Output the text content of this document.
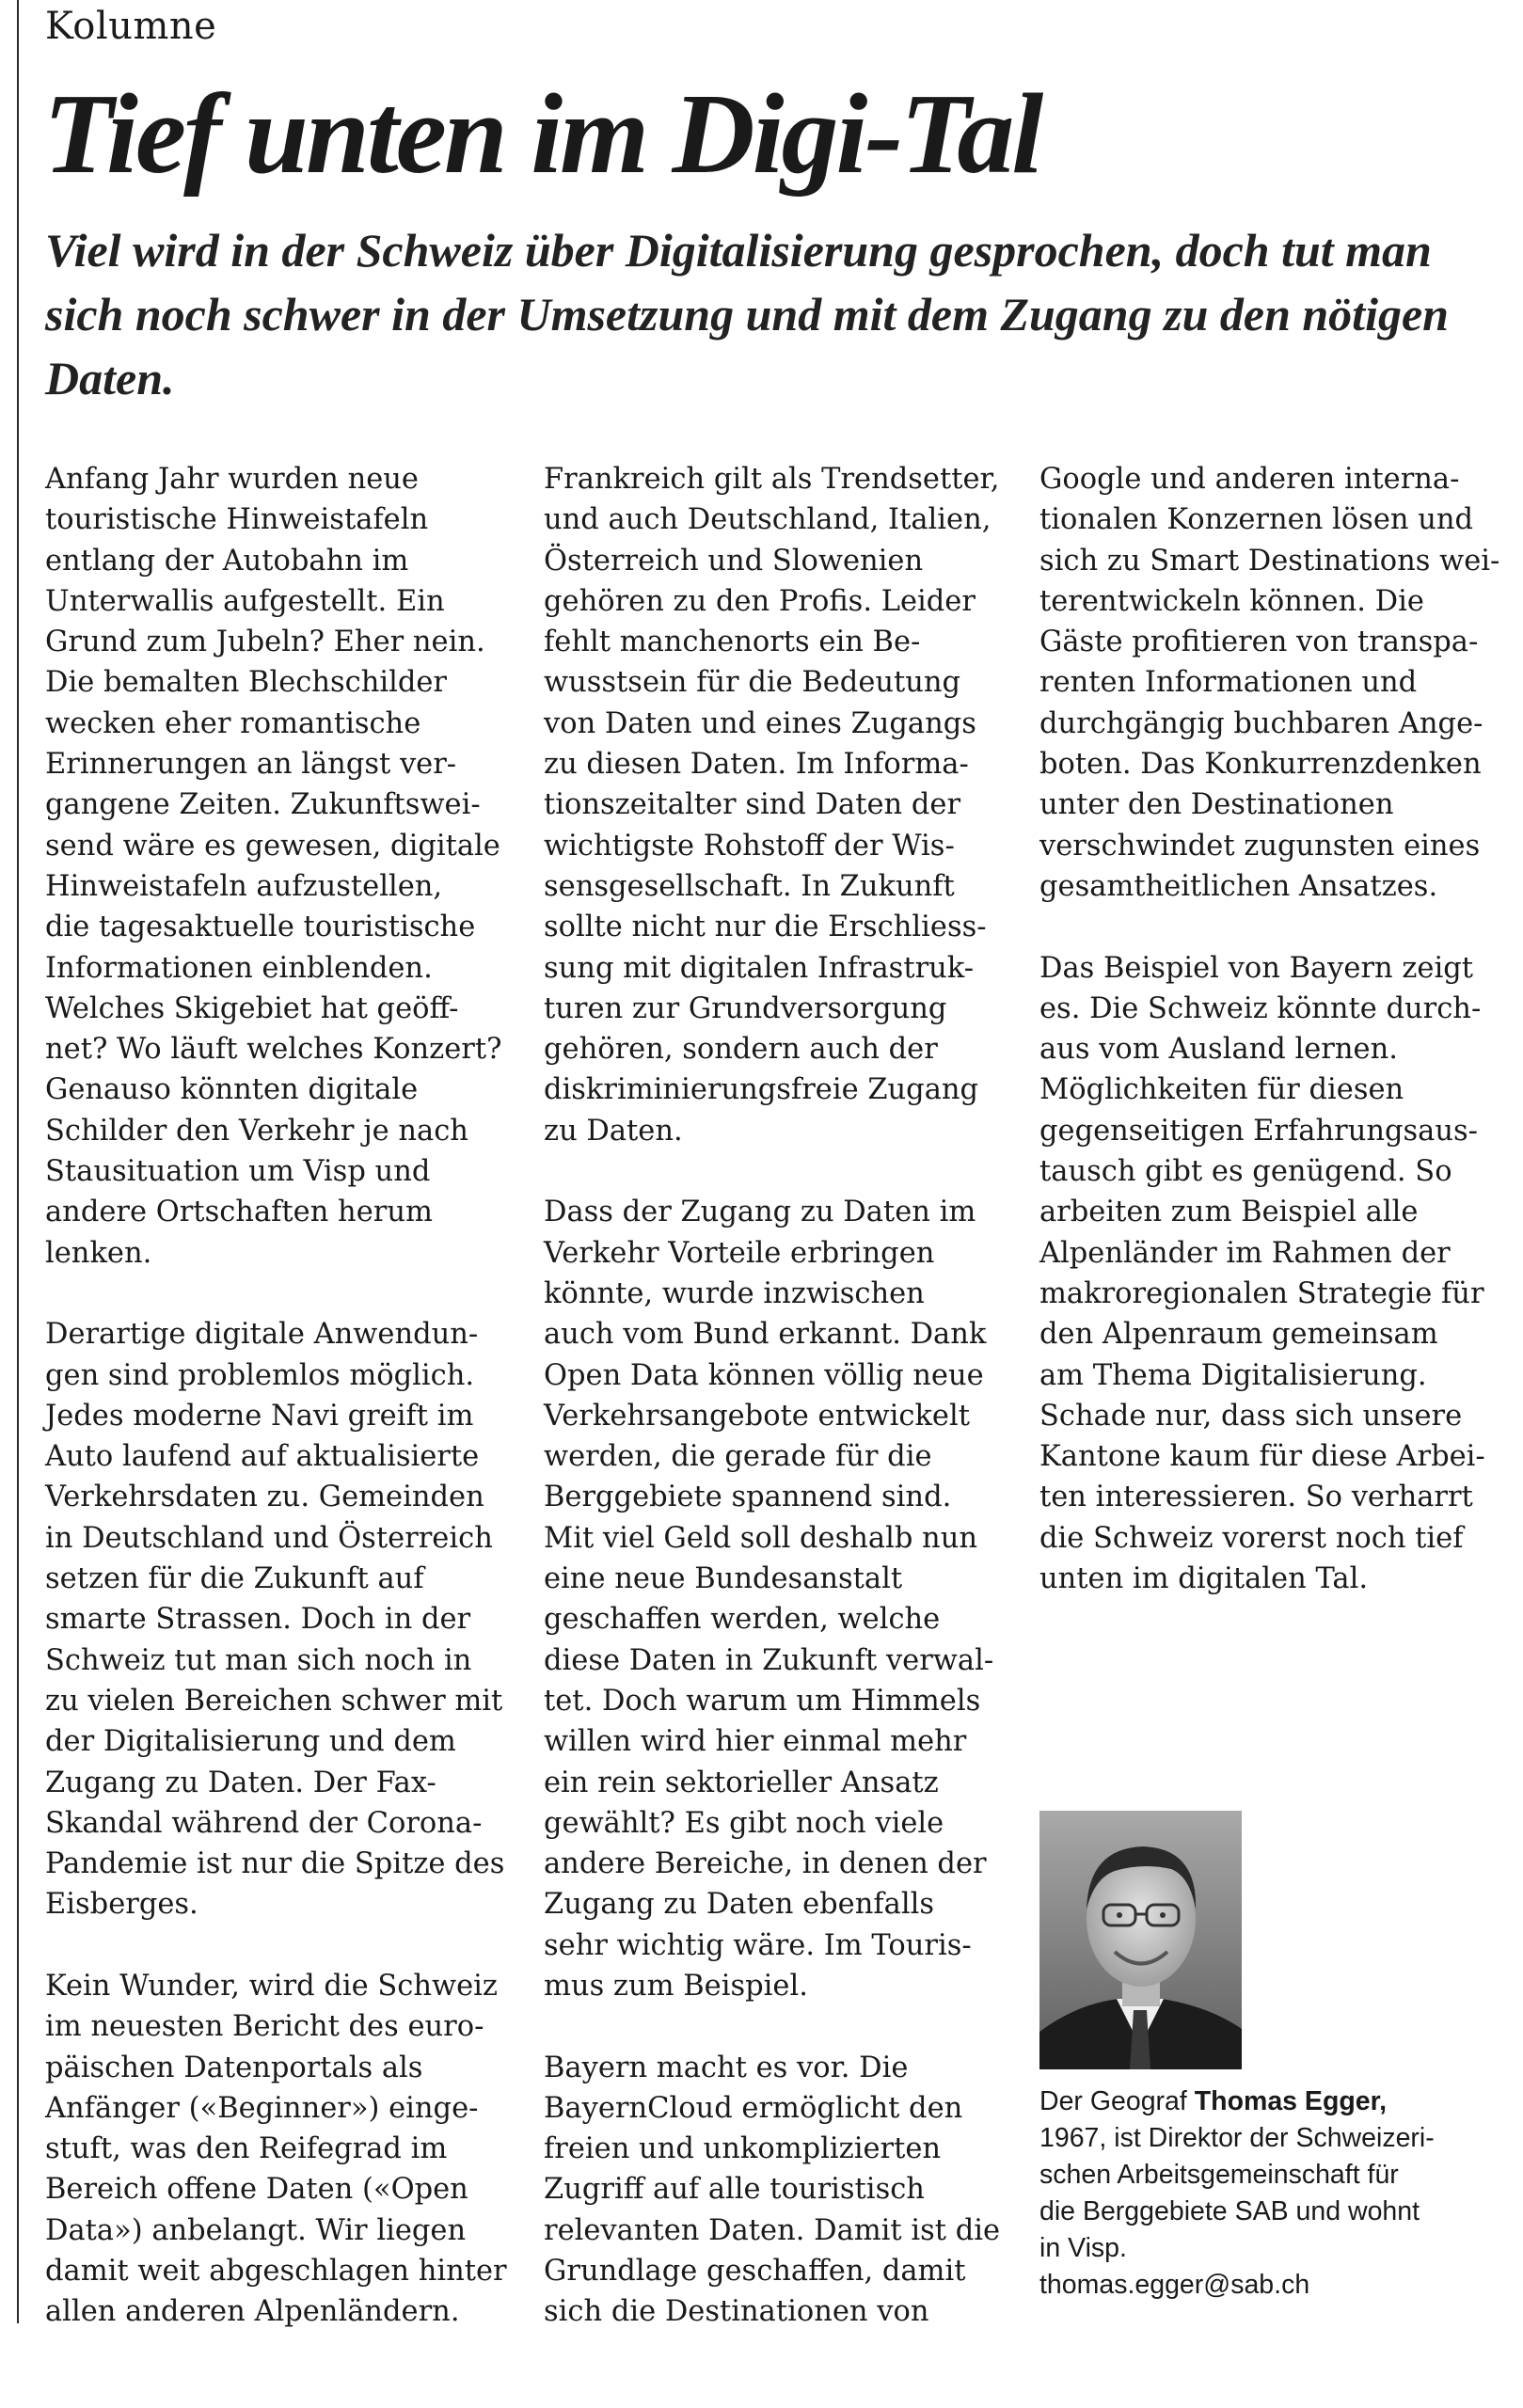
Kolumne
Tief unten im Digi-Tal

Viel wird in der Schweiz über Digitalisierung gesprochen, doch tut man sich noch schwer in der Umsetzung und mit dem Zugang zu den nötigen Daten.

Anfang Jahr wurden neue
touristische Hinweistafeln
entlang der Autobahn im
Unterwallis aufgestellt. Ein
Grund zum Jubeln? Eher nein.
Die bemalten Blechschilder
wecken eher romantische
Erinnerungen an längst ver-
gangene Zeiten. Zukunftswei-
send wäre es gewesen, digitale
Hinweistafeln aufzustellen,
die tagesaktuelle touristische
Informationen einblenden.
Welches Skigebiet hat geöff-
net? Wo läuft welches Konzert?
Genauso könnten digitale
Schilder den Verkehr je nach
Stausituation um Visp und
andere Ortschaften herum
lenken.
Derartige digitale Anwendun-
gen sind problemlos möglich.
Jedes moderne Navi greift im
Auto laufend auf aktualisierte
Verkehrsdaten zu. Gemeinden
in Deutschland und Österreich
setzen für die Zukunft auf
smarte Strassen. Doch in der
Schweiz tut man sich noch in
zu vielen Bereichen schwer mit
der Digitalisierung und dem
Zugang zu Daten. Der Fax-
Skandal während der Corona-
Pandemie ist nur die Spitze des
Eisberges.
Kein Wunder, wird die Schweiz
im neuesten Bericht des euro-
päischen Datenportals als
Anfänger («Beginner») einge-
stuft, was den Reifegrad im
Bereich offene Daten («Open
Data») anbelangt. Wir liegen
damit weit abgeschlagen hinter
allen anderen Alpenländern.
Frankreich gilt als Trendsetter,
und auch Deutschland, Italien,
Österreich und Slowenien
gehören zu den Profis. Leider
fehlt manchenorts ein Be-
wusstsein für die Bedeutung
von Daten und eines Zugangs
zu diesen Daten. Im Informa-
tionszeitalter sind Daten der
wichtigste Rohstoff der Wis-
sensgesellschaft. In Zukunft
sollte nicht nur die Erschliess-
sung mit digitalen Infrastruk-
turen zur Grundversorgung
gehören, sondern auch der
diskriminierungsfreie Zugang
zu Daten.
Dass der Zugang zu Daten im
Verkehr Vorteile erbringen
könnte, wurde inzwischen
auch vom Bund erkannt. Dank
Open Data können völlig neue
Verkehrsangebote entwickelt
werden, die gerade für die
Berggebiete spannend sind.
Mit viel Geld soll deshalb nun
eine neue Bundesanstalt
geschaffen werden, welche
diese Daten in Zukunft verwal-
tet. Doch warum um Himmels
willen wird hier einmal mehr
ein rein sektorieller Ansatz
gewählt? Es gibt noch viele
andere Bereiche, in denen der
Zugang zu Daten ebenfalls
sehr wichtig wäre. Im Touris-
mus zum Beispiel.
Bayern macht es vor. Die
BayernCloud ermöglicht den
freien und unkomplizierten
Zugriff auf alle touristisch
relevanten Daten. Damit ist die
Grundlage geschaffen, damit
sich die Destinationen von
Google und anderen interna-
tionalen Konzernen lösen und
sich zu Smart Destinations wei-
terentwickeln können. Die
Gäste profitieren von transpa-
renten Informationen und
durchgängig buchbaren Ange-
boten. Das Konkurrenzdenken
unter den Destinationen
verschwindet zugunsten eines
gesamtheitlichen Ansatzes.
Das Beispiel von Bayern zeigt
es. Die Schweiz könnte durch-
aus vom Ausland lernen.
Möglichkeiten für diesen
gegenseitigen Erfahrungsaus-
tausch gibt es genügend. So
arbeiten zum Beispiel alle
Alpenländer im Rahmen der
makroregionalen Strategie für
den Alpenraum gemeinsam
am Thema Digitalisierung.
Schade nur, dass sich unsere
Kantone kaum für diese Arbei-
ten interessieren. So verharrt
die Schweiz vorerst noch tief
unten im digitalen Tal.
Der Geograf Thomas Egger,
1967, ist Direktor der Schweizeri-
schen Arbeitsgemeinschaft für
die Berggebiete SAB und wohnt
in Visp.
thomas.egger@sab.ch
